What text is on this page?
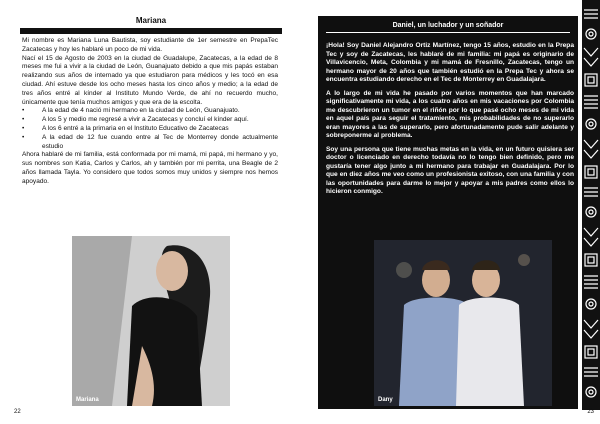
Mariana

Mi nombre es Mariana Luna Bautista, soy estudiante de 1er semestre en PrepaTec Zacatecas y hoy les hablaré un poco de mi vida.

Nací el 15 de Agosto de 2003 en la ciudad de Guadalupe, Zacatecas, a la edad de 8 meses me fui a vivir a la ciudad de León, Guanajuato debido a que mis papás estaban realizando sus años de internado ya que estudiaron para médicos y les tocó en esa ciudad. Ahí estuve desde los ocho meses hasta los cinco años y medio; a la edad de tres años entré al kínder al Instituto Mundo Verde, de ahí no recuerdo mucho, únicamente que tenía muchos amigos y que era de la escolta.

•	A la edad de 4 nació mi hermano en la ciudad de León, Guanajuato.
•	A los 5 y medio me regresé a vivir a Zacatecas y concluí el kínder aquí.
•	A los 6 entré a la primaria en el Instituto Educativo de Zacatecas
•	A la edad de 12 fue cuando entre al Tec de Monterrey donde actualmente estudio

Ahora hablaré de mi familia, está conformada por mi mamá, mi papá, mi hermano y yo, sus nombres son Katia, Carlos y Carlos, ah y también por mi perrita, una Beagle de 2 años llamada Tayla. Yo considero que todos somos muy unidos y siempre nos hemos apoyado.

Mariana
22
Daniel, un luchador y un soñador

¡Hola! Soy Daniel Alejandro Ortiz Martínez, tengo 15 años, estudio en la Prepa Tec y soy de Zacatecas, les hablaré de mi familia: mi papá es originario de Villavicencio, Meta, Colombia y mi mamá de Fresnillo, Zacatecas, tengo un hermano mayor de 20 años que también estudió en la Prepa Tec y ahora se encuentra estudiando derecho en el Tec de Monterrey en Guadalajara.

A lo largo de mi vida he pasado por varios momentos que han marcado significativamente mi vida, a los cuatro años en mis vacaciones por Colombia me descubrieron un tumor en el riñón por lo que pasé ocho meses de mi vida en aquel país para seguir el tratamiento, mis probabilidades de no superarlo eran mayores a las de superarlo, pero afortunadamente pude salir adelante y sobreponerme al problema.

Soy una persona que tiene muchas metas en la vida, en un futuro quisiera ser doctor o licenciado en derecho todavía no lo tengo bien definido, pero me gustaría tener algo junto a mi hermano para trabajar en Guadalajara. Por lo que en diez años me veo como un profesionista exitoso, con una familia y con las oportunidades para darme lo mejor y apoyar a mis padres como ellos lo hicieron conmigo.

Dany
23
